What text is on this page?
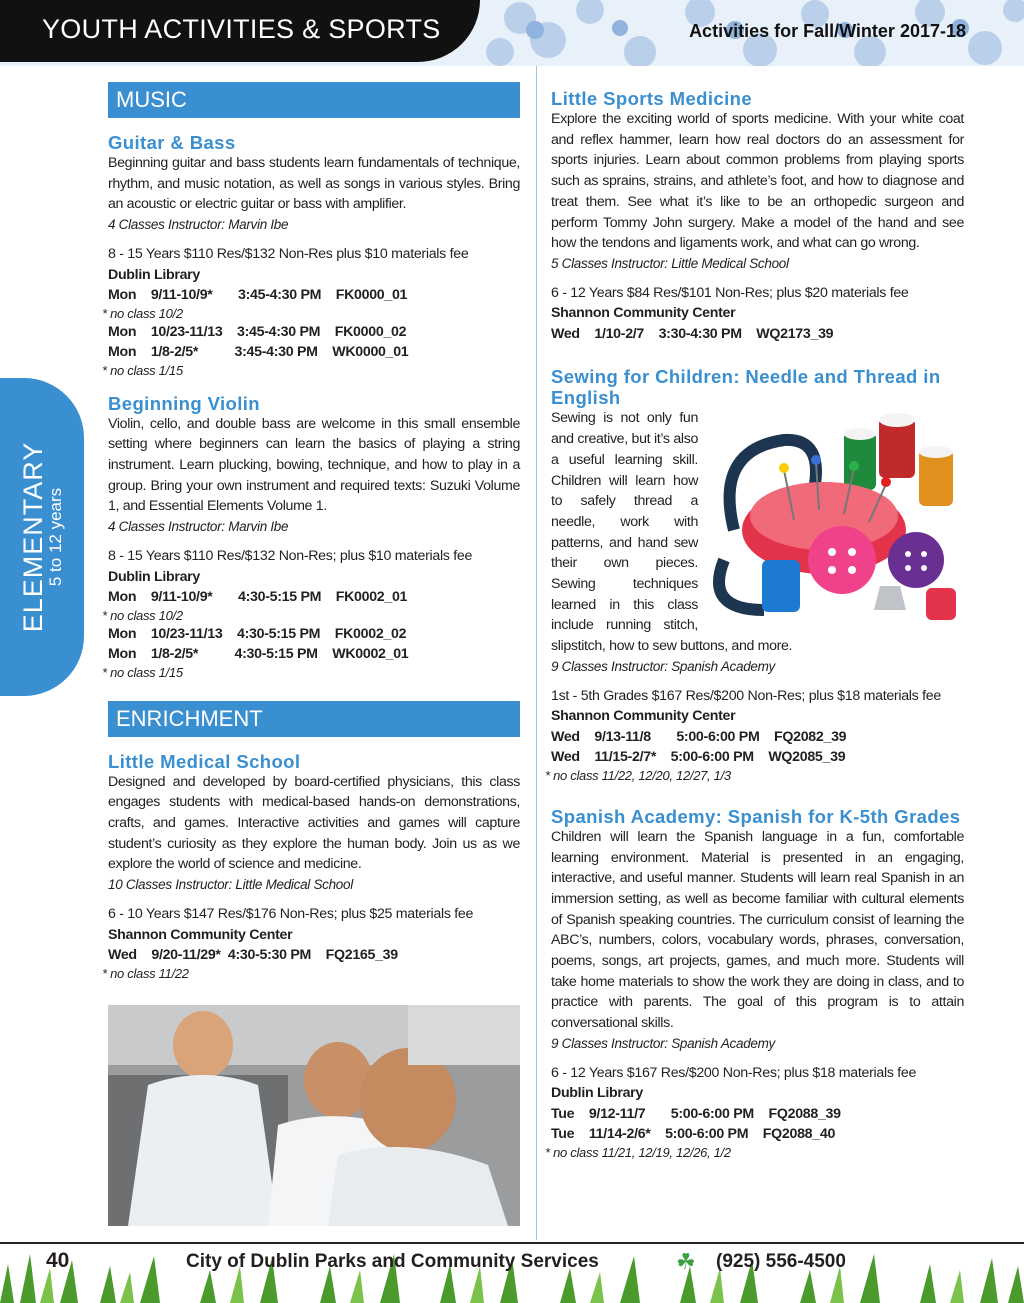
YOUTH ACTIVITIES & SPORTS	Activities for Fall/Winter 2017-18
ELEMENTARY
5 to 12 years
MUSIC
Guitar & Bass
Beginning guitar and bass students learn fundamentals of technique, rhythm, and music notation, as well as songs in various styles. Bring an acoustic or electric guitar or bass with amplifier.
4 Classes Instructor: Marvin Ibe
8 - 15 Years $110 Res/$132 Non-Res plus $10 materials fee
Dublin Library
Mon    9/11-10/9*       3:45-4:30 PM    FK0000_01
* no class 10/2
Mon    10/23-11/13    3:45-4:30 PM    FK0000_02
Mon    1/8-2/5*          3:45-4:30 PM    WK0000_01
* no class 1/15
Beginning Violin
Violin, cello, and double bass are welcome in this small ensemble setting where beginners can learn the basics of playing a string instrument. Learn plucking, bowing, technique, and how to play in a group. Bring your own instrument and required texts: Suzuki Volume 1, and Essential Elements Volume 1.
4 Classes Instructor: Marvin Ibe
8 - 15 Years $110 Res/$132 Non-Res; plus $10 materials fee
Dublin Library
Mon    9/11-10/9*       4:30-5:15 PM    FK0002_01
* no class 10/2
Mon    10/23-11/13    4:30-5:15 PM    FK0002_02
Mon    1/8-2/5*          4:30-5:15 PM    WK0002_01
* no class 1/15
ENRICHMENT
Little Medical School
Designed and developed by board-certified physicians, this class engages students with medical-based hands-on demonstrations, crafts, and games. Interactive activities and games will capture student’s curiosity as they explore the human body. Join us as we explore the world of science and medicine.
10 Classes Instructor: Little Medical School
6 - 10 Years $147 Res/$176 Non-Res; plus $25 materials fee
Shannon Community Center
Wed    9/20-11/29*  4:30-5:30 PM    FQ2165_39
* no class 11/22
Little Sports Medicine
Explore the exciting world of sports medicine. With your white coat and reflex hammer, learn how real doctors do an assessment for sports injuries. Learn about common problems from playing sports such as sprains, strains, and athlete’s foot, and how to diagnose and treat them. See what it’s like to be an orthopedic surgeon and perform Tommy John surgery. Make a model of the hand and see how the tendons and ligaments work, and what can go wrong.
5 Classes Instructor: Little Medical School
6 - 12 Years $84 Res/$101 Non-Res; plus $20 materials fee
Shannon Community Center
Wed    1/10-2/7    3:30-4:30 PM    WQ2173_39
Sewing for Children: Needle and Thread in English
Sewing is not only fun and creative, but it’s also a useful learning skill. Children will learn how to safely thread a needle, work with patterns, and hand sew their own pieces. Sewing techniques learned in this class include running stitch, slipstitch, how to sew buttons, and more.
9 Classes Instructor: Spanish Academy
1st - 5th Grades $167 Res/$200 Non-Res; plus $18 materials fee
Shannon Community Center
Wed    9/13-11/8       5:00-6:00 PM    FQ2082_39
Wed    11/15-2/7*    5:00-6:00 PM    WQ2085_39
* no class 11/22, 12/20, 12/27, 1/3
Spanish Academy: Spanish for K-5th Grades
Children will learn the Spanish language in a fun, comfortable learning environment. Material is presented in an engaging, interactive, and useful manner. Students will learn real Spanish in an immersion setting, as well as become familiar with cultural elements of Spanish speaking countries. The curriculum consist of learning the ABC’s, numbers, colors, vocabulary words, phrases, conversation, poems, songs, art projects, games, and much more. Students will take home materials to show the work they are doing in class, and to practice with parents. The goal of this program is to attain conversational skills.
9 Classes Instructor: Spanish Academy
6 - 12 Years $167 Res/$200 Non-Res; plus $18 materials fee
Dublin Library
Tue    9/12-11/7       5:00-6:00 PM    FQ2088_39
Tue    11/14-2/6*    5:00-6:00 PM    FQ2088_40
* no class 11/21, 12/19, 12/26, 1/2
40	City of Dublin Parks and Community Services	☘ (925) 556-4500
